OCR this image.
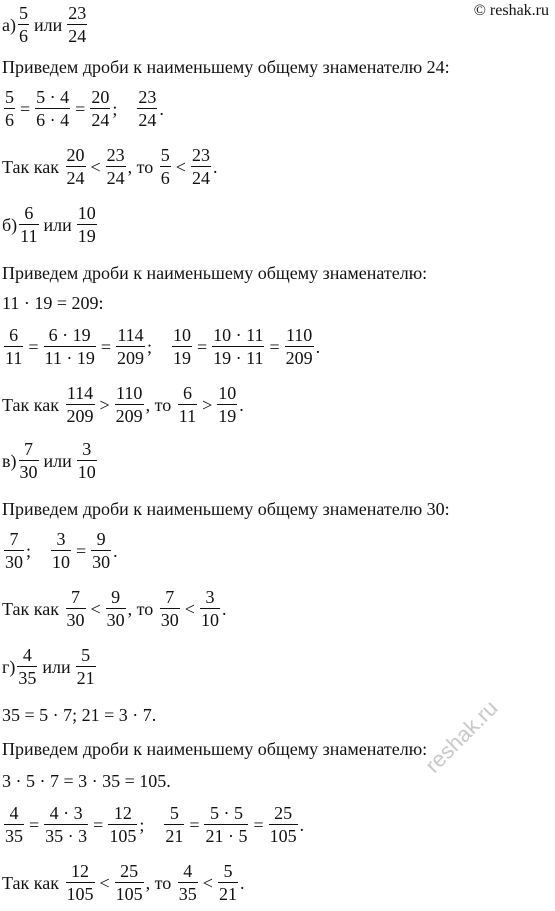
© reshak.ru
$а) \frac{5}{6}$ или $\frac{23}{24}$
Приведем дроби к наименьшему общему знаменателю 24:
$\frac{5}{6} = \frac{5 \cdot 4}{6 \cdot 4} = \frac{20}{24}$ ; $\frac{23}{24}$ .
Так как
$\frac{20}{24} < \frac{23}{24}$ , то
$\frac{5}{6} < \frac{23}{24}$ .
$б) \frac{6}{11}$ или $\frac{10}{19}$
Приведем дроби к наименьшему общему знаменателю:
11 · 19 = 209:
$\frac{6}{11} = \frac{6 \cdot 19}{11 \cdot 19} = \frac{114}{209}$ ; $\frac{10}{19} = \frac{10 \cdot 11}{19 \cdot 11} = \frac{110}{209}$ .
Так как
$\frac{114}{209} > \frac{110}{209}$ , то
$\frac{6}{11} > \frac{10}{19}$ .
$в) \frac{7}{30}$ или $\frac{3}{10}$
Приведем дроби к наименьшему общему знаменателю 30:
$\frac{7}{30}$ ; $\frac{3}{10} = \frac{9}{30}$ .
Так как
$\frac{7}{30} < \frac{9}{30}$ , то
$\frac{7}{30} < \frac{3}{10}$ .
$г) \frac{4}{35}$ или $\frac{5}{21}$
35 = 5 · 7; 21 = 3 · 7.
Приведем дроби к наименьшему общему знаменателю:
3 · 5 · 7 = 3 · 35 = 105.
$\frac{4}{35} = \frac{4 \cdot 3}{35 \cdot 3} = \frac{12}{105}$ ; $\frac{5}{21} = \frac{5 \cdot 5}{21 \cdot 5} = \frac{25}{105}$ .
Так как
$\frac{12}{105} < \frac{25}{105}$ , то
$\frac{4}{35} < \frac{5}{21}$ .
reshak.ru
